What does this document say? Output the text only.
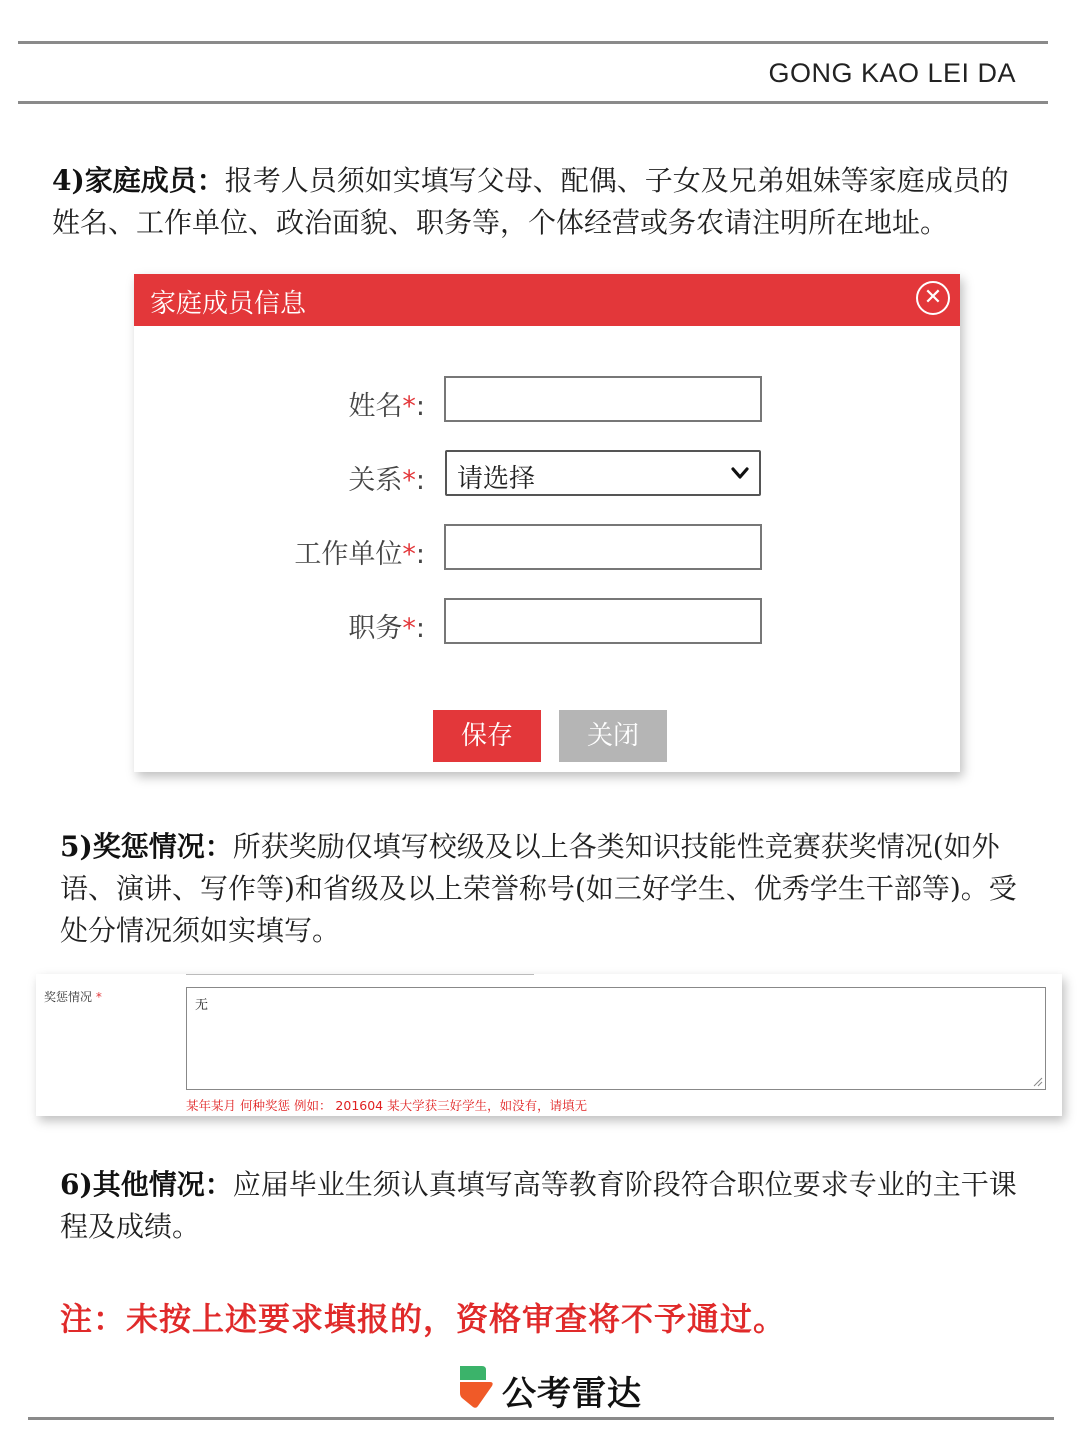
GONG KAO LEI DA
4)家庭成员：报考人员须如实填写父母、配偶、子女及兄弟姐妹等家庭成员的姓名、工作单位、政治面貌、职务等，个体经营或务农请注明所在地址。
家庭成员信息	✕
姓名*:
关系*: 请选择
工作单位*:
职务*:
保存	关闭
5)奖惩情况：所获奖励仅填写校级及以上各类知识技能性竞赛获奖情况(如外语、演讲、写作等)和省级及以上荣誉称号(如三好学生、优秀学生干部等)。受处分情况须如实填写。
奖惩情况 *
无
某年某月 何种奖惩 例如： 201604 某大学获三好学生，如没有，请填无
6)其他情况：应届毕业生须认真填写高等教育阶段符合职位要求专业的主干课程及成绩。
注：未按上述要求填报的，资格审查将不予通过。
公考雷达
